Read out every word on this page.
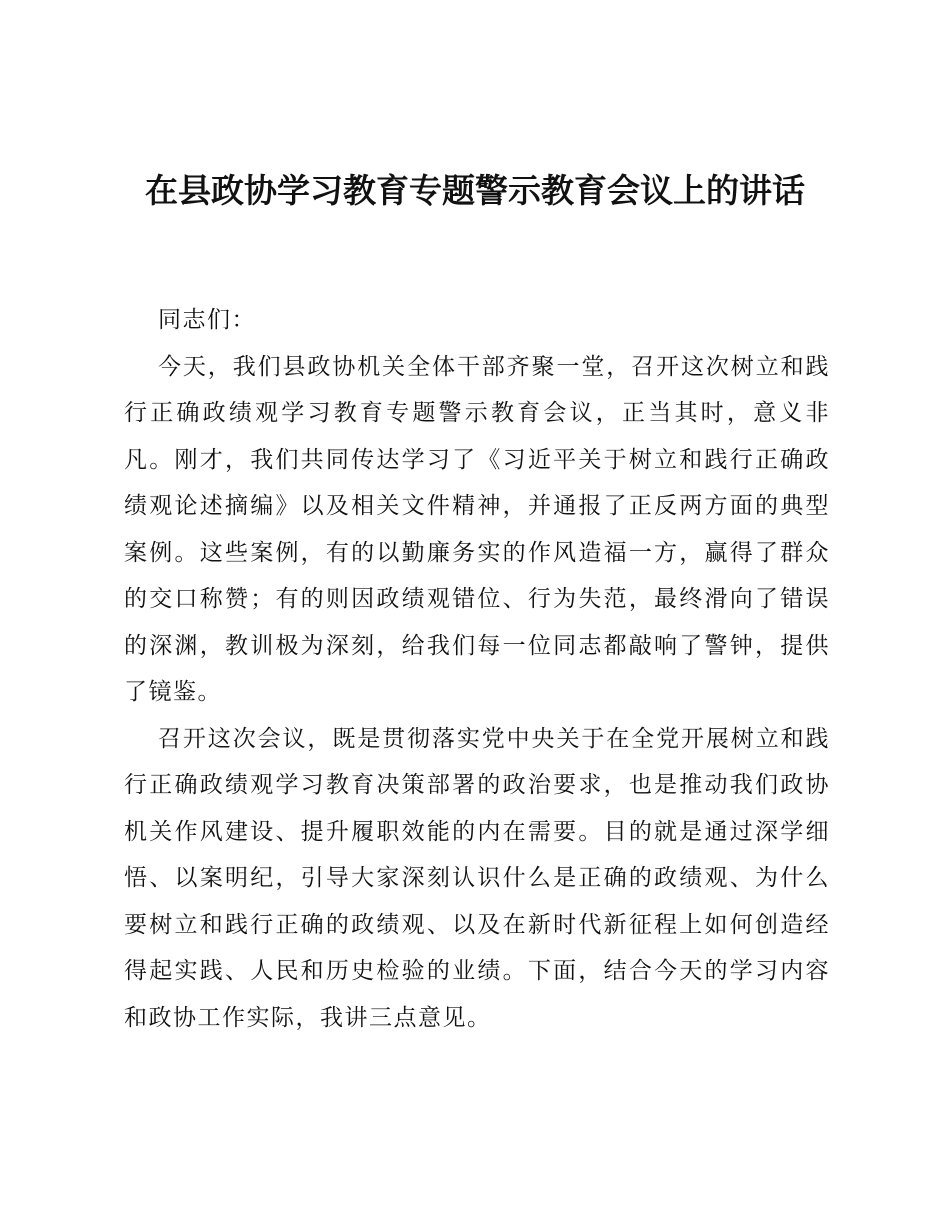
在县政协学习教育专题警示教育会议上的讲话

同志们：

今天，我们县政协机关全体干部齐聚一堂，召开这次树立和践行正确政绩观学习教育专题警示教育会议，正当其时，意义非凡。刚才，我们共同传达学习了《习近平关于树立和践行正确政绩观论述摘编》以及相关文件精神，并通报了正反两方面的典型案例。这些案例，有的以勤廉务实的作风造福一方，赢得了群众的交口称赞；有的则因政绩观错位、行为失范，最终滑向了错误的深渊，教训极为深刻，给我们每一位同志都敲响了警钟，提供了镜鉴。

召开这次会议，既是贯彻落实党中央关于在全党开展树立和践行正确政绩观学习教育决策部署的政治要求，也是推动我们政协机关作风建设、提升履职效能的内在需要。目的就是通过深学细悟、以案明纪，引导大家深刻认识什么是正确的政绩观、为什么要树立和践行正确的政绩观、以及在新时代新征程上如何创造经得起实践、人民和历史检验的业绩。下面，结合今天的学习内容和政协工作实际，我讲三点意见。
